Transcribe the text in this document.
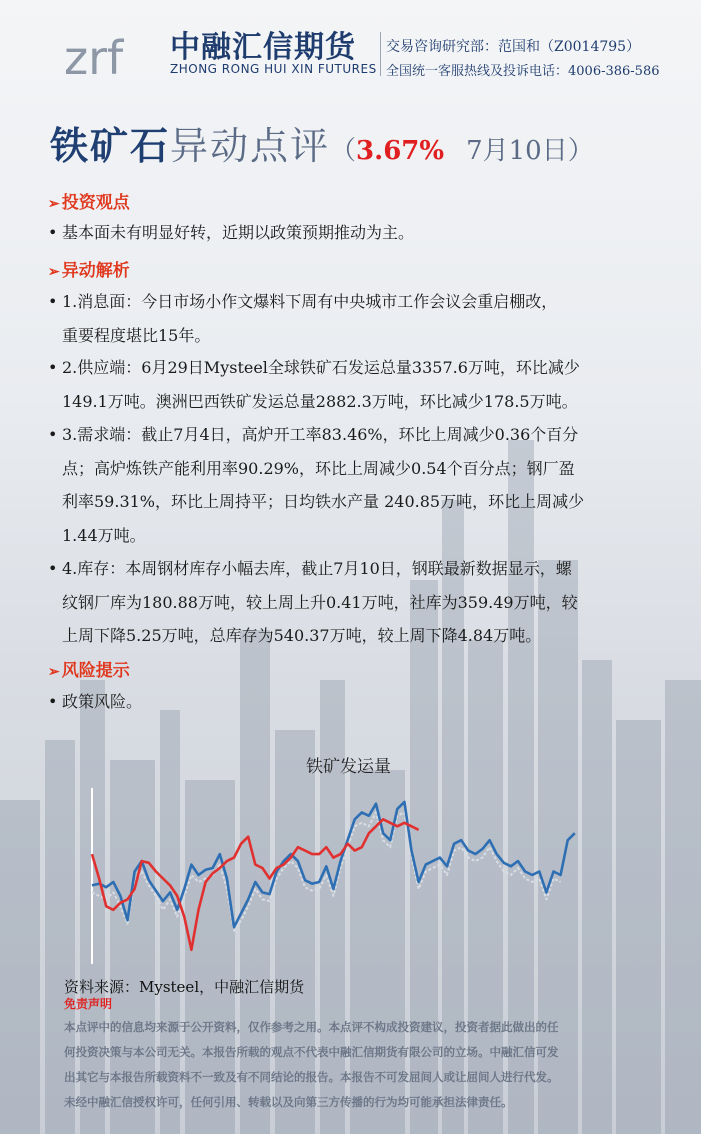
zrf 中融汇信期货
ZHONG RONG HUI XIN FUTURES
交易咨询研究部：范国和（Z0014795）
全国统一客服热线及投诉电话：4006-386-586
铁矿石异动点评（3.67% 7月10日）
➢ 投资观点
• 基本面未有明显好转，近期以政策预期推动为主。
➢ 异动解析
• 1.消息面：今日市场小作文爆料下周有中央城市工作会议会重启棚改，
重要程度堪比15年。
• 2.供应端：6月29日Mysteel全球铁矿石发运总量3357.6万吨，环比减少
149.1万吨。澳洲巴西铁矿发运总量2882.3万吨，环比减少178.5万吨。
• 3.需求端：截止7月4日，高炉开工率83.46%，环比上周减少0.36个百分
点；高炉炼铁产能利用率90.29%，环比上周减少0.54个百分点；钢厂盈
利率59.31%，环比上周持平；日均铁水产量 240.85万吨，环比上周减少
1.44万吨。
• 4.库存：本周钢材库存小幅去库，截止7月10日，钢联最新数据显示，螺
纹钢厂库为180.88万吨，较上周上升0.41万吨，社库为359.49万吨，较
上周下降5.25万吨，总库存为540.37万吨，较上周下降4.84万吨。
➢ 风险提示
• 政策风险。
铁矿发运量
资料来源：Mysteel，中融汇信期货
免责声明
本点评中的信息均来源于公开资料，仅作参考之用。本点评不构成投资建议，投资者据此做出的任
何投资决策与本公司无关。本报告所载的观点不代表中融汇信期货有限公司的立场。中融汇信可发
出其它与本报告所载资料不一致及有不同结论的报告。本报告不可发屈间人或让屈间人进行代发。
未经中融汇信授权许可，任何引用、转载以及向第三方传播的行为均可能承担法律责任。
